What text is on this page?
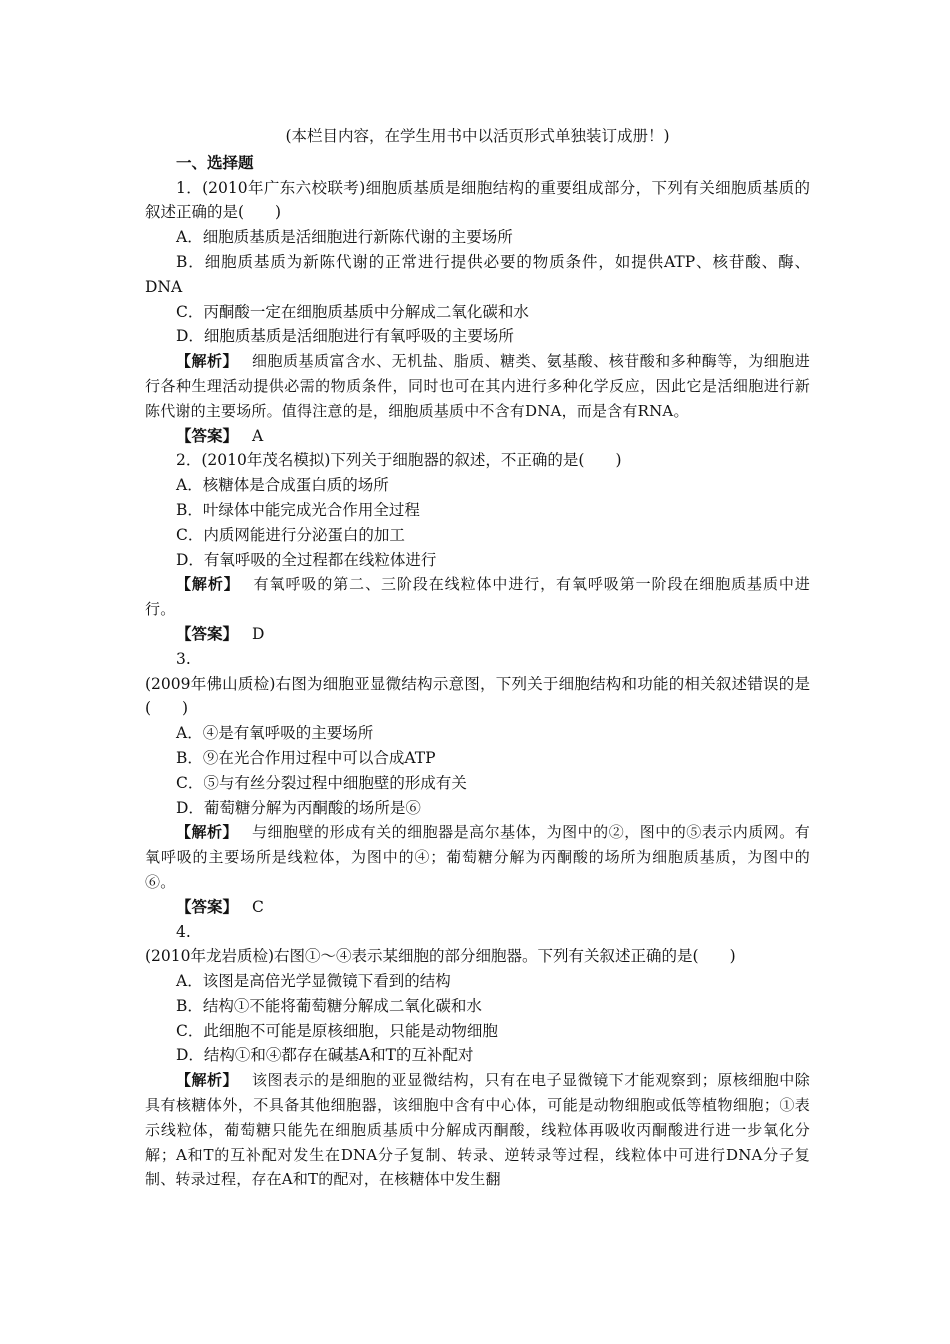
(本栏目内容，在学生用书中以活页形式单独装订成册！)

一、选择题

1．(2010年广东六校联考)细胞质基质是细胞结构的重要组成部分，下列有关细胞质基质的叙述正确的是(　　)

A．细胞质基质是活细胞进行新陈代谢的主要场所

B．细胞质基质为新陈代谢的正常进行提供必要的物质条件，如提供ATP、核苷酸、酶、DNA

C．丙酮酸一定在细胞质基质中分解成二氧化碳和水

D．细胞质基质是活细胞进行有氧呼吸的主要场所

【解析】 细胞质基质富含水、无机盐、脂质、糖类、氨基酸、核苷酸和多种酶等，为细胞进行各种生理活动提供必需的物质条件，同时也可在其内进行多种化学反应，因此它是活细胞进行新陈代谢的主要场所。值得注意的是，细胞质基质中不含有DNA，而是含有RNA。

【答案】 A

2．(2010年茂名模拟)下列关于细胞器的叙述，不正确的是(　　)

A．核糖体是合成蛋白质的场所

B．叶绿体中能完成光合作用全过程

C．内质网能进行分泌蛋白的加工

D．有氧呼吸的全过程都在线粒体进行

【解析】 有氧呼吸的第二、三阶段在线粒体中进行，有氧呼吸第一阶段在细胞质基质中进行。

【答案】 D

3.

(2009年佛山质检)右图为细胞亚显微结构示意图，下列关于细胞结构和功能的相关叙述错误的是(　　)

A．④是有氧呼吸的主要场所

B．⑨在光合作用过程中可以合成ATP

C．⑤与有丝分裂过程中细胞壁的形成有关

D．葡萄糖分解为丙酮酸的场所是⑥

【解析】 与细胞壁的形成有关的细胞器是高尔基体，为图中的②，图中的⑤表示内质网。有氧呼吸的主要场所是线粒体，为图中的④；葡萄糖分解为丙酮酸的场所为细胞质基质，为图中的⑥。

【答案】 C

4.

(2010年龙岩质检)右图①～④表示某细胞的部分细胞器。下列有关叙述正确的是(　　)

A．该图是高倍光学显微镜下看到的结构

B．结构①不能将葡萄糖分解成二氧化碳和水

C．此细胞不可能是原核细胞，只能是动物细胞

D．结构①和④都存在碱基A和T的互补配对

【解析】 该图表示的是细胞的亚显微结构，只有在电子显微镜下才能观察到；原核细胞中除具有核糖体外，不具备其他细胞器，该细胞中含有中心体，可能是动物细胞或低等植物细胞；①表示线粒体，葡萄糖只能先在细胞质基质中分解成丙酮酸，线粒体再吸收丙酮酸进行进一步氧化分解；A和T的互补配对发生在DNA分子复制、转录、逆转录等过程，线粒体中可进行DNA分子复制、转录过程，存在A和T的配对，在核糖体中发生翻
